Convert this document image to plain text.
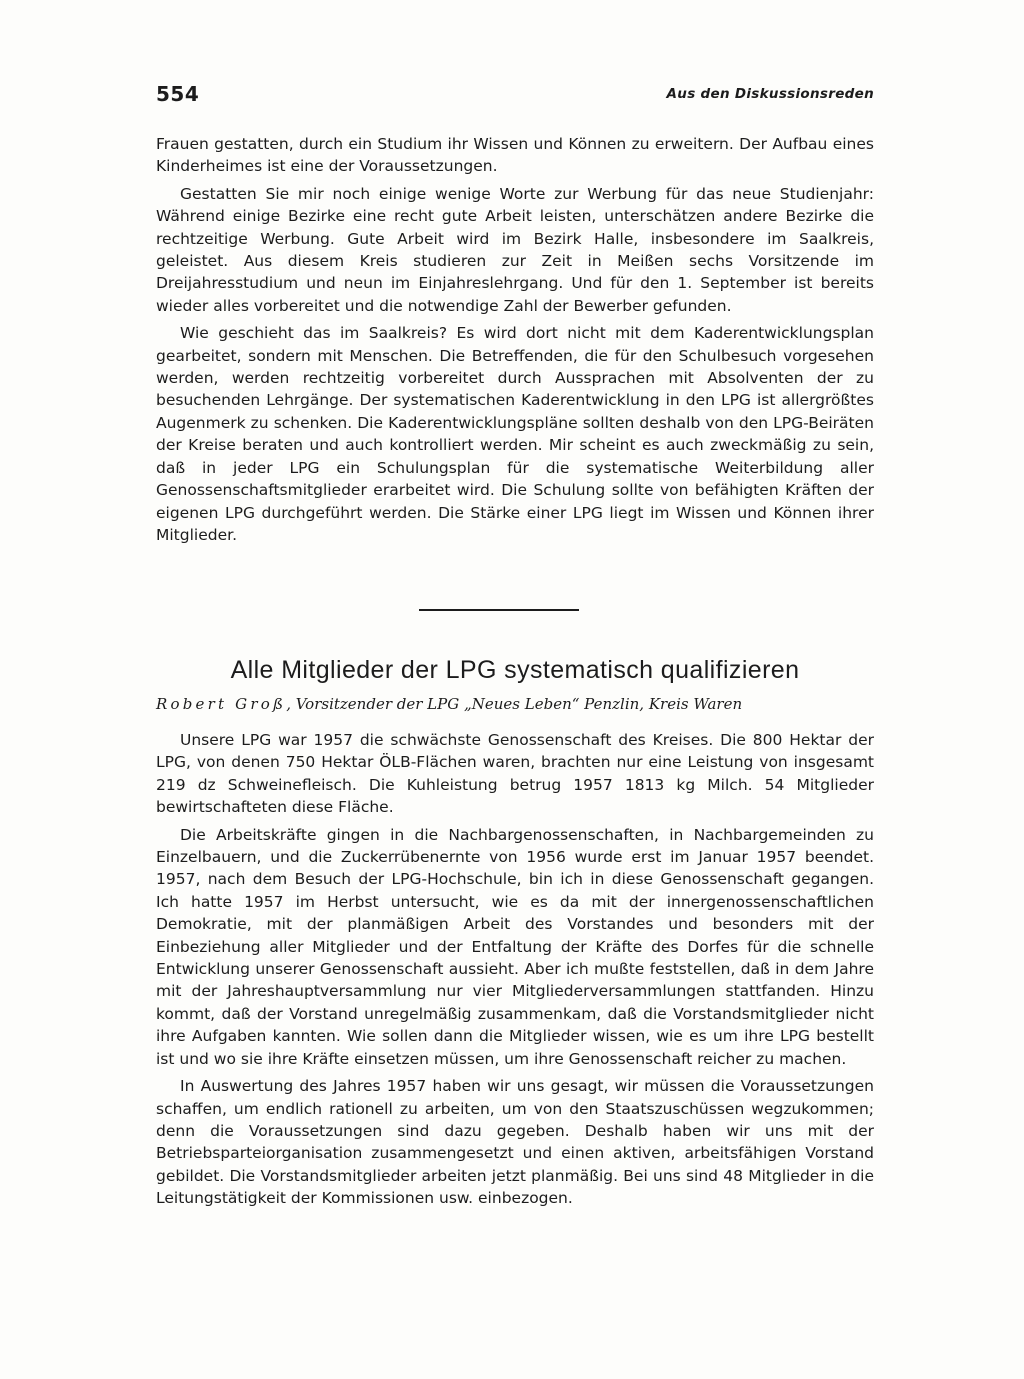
554	Aus den Diskussionsreden

Frauen gestatten, durch ein Studium ihr Wissen und Können zu erweitern. Der Aufbau eines Kinderheimes ist eine der Voraussetzungen.

Gestatten Sie mir noch einige wenige Worte zur Werbung für das neue Studienjahr: Während einige Bezirke eine recht gute Arbeit leisten, unterschätzen andere Bezirke die rechtzeitige Werbung. Gute Arbeit wird im Bezirk Halle, insbesondere im Saalkreis, geleistet. Aus diesem Kreis studieren zur Zeit in Meißen sechs Vorsitzende im Dreijahresstudium und neun im Einjahreslehrgang. Und für den 1. September ist bereits wieder alles vorbereitet und die notwendige Zahl der Bewerber gefunden.

Wie geschieht das im Saalkreis? Es wird dort nicht mit dem Kaderentwicklungsplan gearbeitet, sondern mit Menschen. Die Betreffenden, die für den Schulbesuch vorgesehen werden, werden rechtzeitig vorbereitet durch Aussprachen mit Absolventen der zu besuchenden Lehrgänge. Der systematischen Kaderentwicklung in den LPG ist allergrößtes Augenmerk zu schenken. Die Kaderentwicklungspläne sollten deshalb von den LPG-Beiräten der Kreise beraten und auch kontrolliert werden. Mir scheint es auch zweckmäßig zu sein, daß in jeder LPG ein Schulungsplan für die systematische Weiterbildung aller Genossenschaftsmitglieder erarbeitet wird. Die Schulung sollte von befähigten Kräften der eigenen LPG durchgeführt werden. Die Stärke einer LPG liegt im Wissen und Können ihrer Mitglieder.

Alle Mitglieder der LPG systematisch qualifizieren
Robert Groß, Vorsitzender der LPG „Neues Leben“ Penzlin, Kreis Waren

Unsere LPG war 1957 die schwächste Genossenschaft des Kreises. Die 800 Hektar der LPG, von denen 750 Hektar ÖLB-Flächen waren, brachten nur eine Leistung von insgesamt 219 dz Schweinefleisch. Die Kuhleistung betrug 1957 1813 kg Milch. 54 Mitglieder bewirtschafteten diese Fläche.

Die Arbeitskräfte gingen in die Nachbargenossenschaften, in Nachbargemeinden zu Einzelbauern, und die Zuckerrübenernte von 1956 wurde erst im Januar 1957 beendet. 1957, nach dem Besuch der LPG-Hochschule, bin ich in diese Genossenschaft gegangen. Ich hatte 1957 im Herbst untersucht, wie es da mit der innergenossenschaftlichen Demokratie, mit der planmäßigen Arbeit des Vorstandes und besonders mit der Einbeziehung aller Mitglieder und der Entfaltung der Kräfte des Dorfes für die schnelle Entwicklung unserer Genossenschaft aussieht. Aber ich mußte feststellen, daß in dem Jahre mit der Jahreshauptversammlung nur vier Mitgliederversammlungen stattfanden. Hinzu kommt, daß der Vorstand unregelmäßig zusammenkam, daß die Vorstandsmitglieder nicht ihre Aufgaben kannten. Wie sollen dann die Mitglieder wissen, wie es um ihre LPG bestellt ist und wo sie ihre Kräfte einsetzen müssen, um ihre Genossenschaft reicher zu machen.

In Auswertung des Jahres 1957 haben wir uns gesagt, wir müssen die Voraussetzungen schaffen, um endlich rationell zu arbeiten, um von den Staatszuschüssen wegzukommen; denn die Voraussetzungen sind dazu gegeben. Deshalb haben wir uns mit der Betriebsparteiorganisation zusammengesetzt und einen aktiven, arbeitsfähigen Vorstand gebildet. Die Vorstandsmitglieder arbeiten jetzt planmäßig. Bei uns sind 48 Mitglieder in die Leitungstätigkeit der Kommissionen usw. einbezogen.
